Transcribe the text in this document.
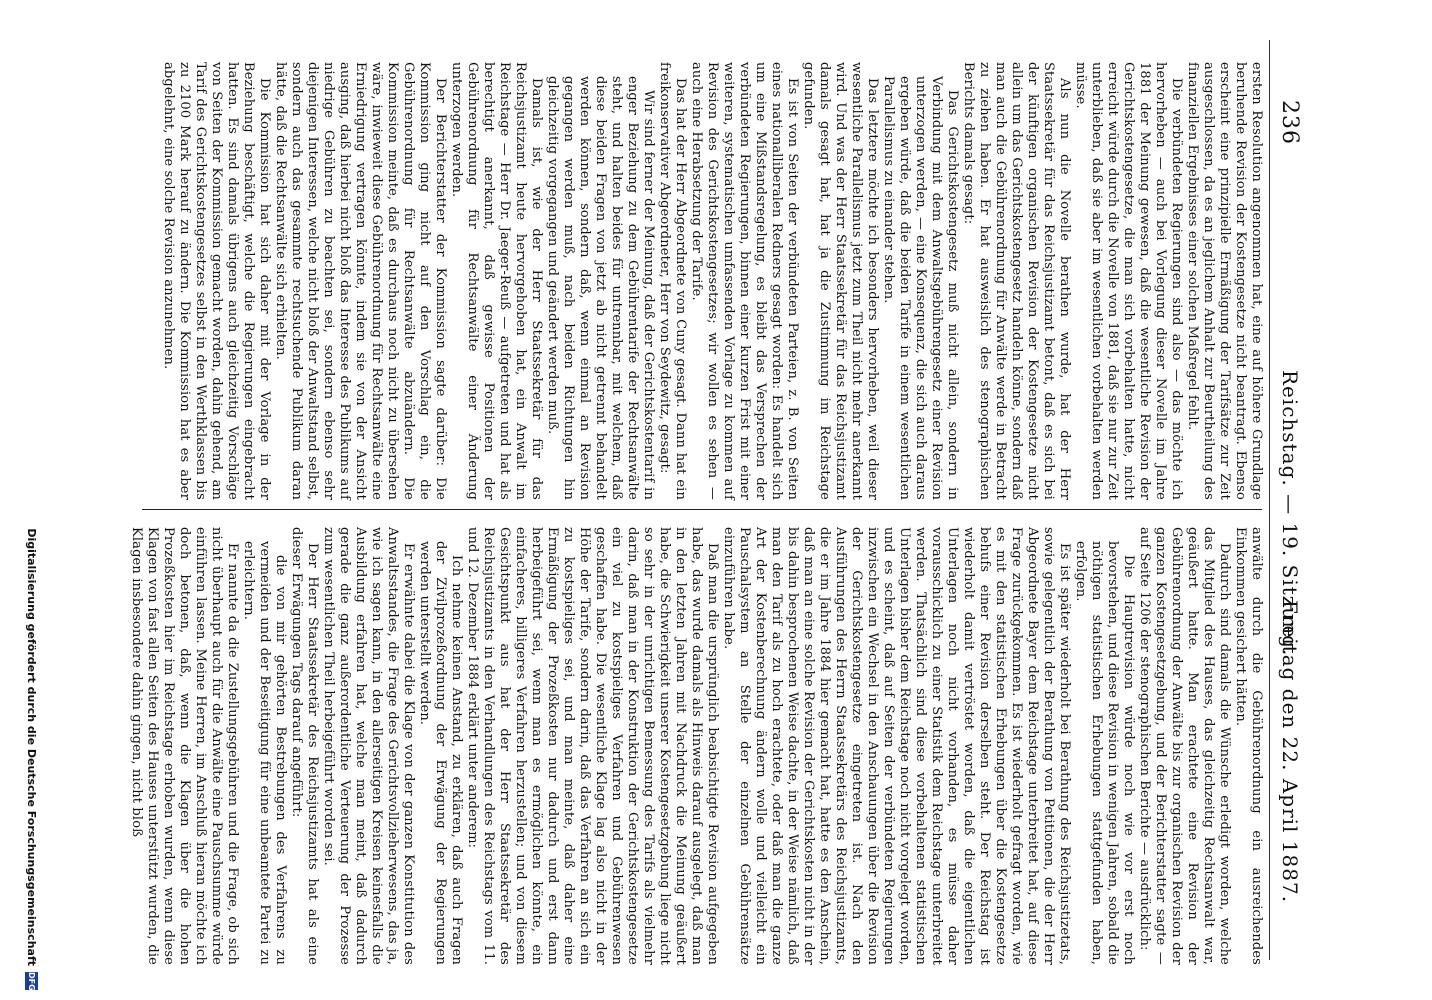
236
Reichstag. — 19. Sitzung.
Freitag den 22. April 1887.

ersten Resolution angenommen hat, eine auf höhere Grundlage beruhende Revision der Kostengesetze nicht beantragt. Ebenso erscheint eine prinzipielle Ermäßigung der Tarifsätze zur Zeit ausgeschlossen, da es an jeglichem Anhalt zur Beurtheilung des finanziellen Ergebnisses einer solchen Maßregel fehlt.

Die verbündeten Regierungen sind also — das möchte ich hervorheben — auch bei Vorlegung dieser Novelle im Jahre 1881 der Meinung gewesen, daß die wesentliche Revision der Gerichtskostengesetze, die man sich vorbehalten hatte, nicht erreicht würde durch die Novelle von 1881, daß sie nur zur Zeit unterblieben, daß sie aber im wesentlichen vorbehalten werden müsse.

Als nun die Novelle berathen wurde, hat der Herr Staatssekretär für das Reichsjustizamt betont, daß es sich bei der künftigen organischen Revision der Kostengesetze nicht allein um das Gerichtskostengesetz handeln könne, sondern daß man auch die Gebührenordnung für Anwälte werde in Betracht zu ziehen haben. Er hat ausweislich des stenographischen Berichts damals gesagt:

Das Gerichtskostengesetz muß nicht allein, sondern in Verbindung mit dem Anwaltsgebührengesetz einer Revision unterzogen werden, — eine Konsequenz, die sich auch daraus ergeben würde, daß die beiden Tarife in einem wesentlichen Parallelismus zu einander stehen.

Das letztere möchte ich besonders hervorheben, weil dieser wesentliche Parallelismus jetzt zum Theil nicht mehr anerkannt wird. Und was der Herr Staatssekretär für das Reichsjustizamt damals gesagt hat, hat ja die Zustimmung im Reichstage gefunden.

Es ist von Seiten der verbündeten Parteien, z. B. von Seiten eines nationalliberalen Redners gesagt worden: Es handelt sich um eine Mißstandsregelung, es bleibt das Versprechen der verbündeten Regierungen, binnen einer kurzen Frist mit einer weiteren, systematischen umfassenden Vorlage zu kommen auf Revision des Gerichtskostengesetzes; wir wollen es sehen — auch eine Herabsetzung der Tarife.

Das hat der Herr Abgeordnete von Cuny gesagt. Dann hat ein freikonservativer Abgeordneter, Herr von Seydewitz, gesagt:

Wir sind ferner der Meinung, daß der Gerichtskostentarif in enger Beziehung zu dem Gebührentarife der Rechtsanwälte steht, und halten beides für untrennbar, mit welchem, daß diese beiden Fragen von jetzt ab nicht getrennt behandelt werden können, sondern daß, wenn einmal an Revision gegangen werden muß, nach beiden Richtungen hin gleichzeitig vorgegangen und geändert werden muß.

Damals ist, wie der Herr Staatssekretär für das Reichsjustizamt heute hervorgehoben hat, ein Anwalt im Reichstage — Herr Dr. Jaeger-Reuß — aufgetreten und hat als berechtigt anerkannt, daß gewisse Positionen der Gebührenordnung für Rechtsanwälte einer Änderung unterzogen werden.

Der Berichterstatter der Kommission sagte darüber: Die Kommission ging nicht auf den Vorschlag ein, die Gebührenordnung für Rechtsanwälte abzuändern. Die Kommission meinte, daß es durchaus noch nicht zu übersehen wäre, inwieweit diese Gebührenordnung für Rechtsanwälte eine Erniedrigung vertragen könnte, indem sie von der Ansicht ausging, daß hierbei nicht bloß das Interesse des Publikums auf niedrige Gebühren zu beachten sei, sondern ebenso sehr diejenigen Interessen, welche nicht bloß der Anwaltstand selbst, sondern auch das gesammte rechtsuchende Publikum daran hätte, daß die Rechtsanwälte sich erhielten.

Die Kommission hat sich daher mit der Vorlage in der Beziehung beschäftigt, welche die Regierungen eingebracht hatten. Es sind damals übrigens auch gleichzeitig Vorschläge von Seiten der Kommission gemacht worden, dahin gehend, am Tarif des Gerichtskostengesetzes selbst in den Werthklassen bis zu 2100 Mark herauf zu ändern. Die Kommission hat es aber abgelehnt, eine solche Revision anzunehmen.

anwälte durch die Gebührenordnung ein ausreichendes Einkommen gesichert hätten.

Dadurch sind damals die Wünsche erledigt worden, welche das Mitglied des Hauses, das gleichzeitig Rechtsanwalt war, geäußert hatte. Man erachtete eine Revision der Gebührenordnung der Anwälte bis zur organischen Revision der ganzen Kostengesetzgebung, und der Berichterstatter sagte — auf Seite 1206 der stenographischen Berichte — ausdrücklich:

Die Hauptrevision würde noch wie vor erst noch bevorstehen, und diese Revision in wenigen Jahren, sobald die nöthigen statistischen Erhebungen stattgefunden haben, erfolgen.

Es ist später wiederholt bei Berathung des Reichsjustizetats, sowie gelegentlich der Berathung von Petitionen, die der Herr Abgeordnete Bayer dem Reichstage unterbreitet hat, auf diese Frage zurückgekommen. Es ist wiederholt gefragt worden, wie es mit den statistischen Erhebungen über die Kostengesetze behufs einer Revision derselben steht. Der Reichstag ist wiederholt damit vertröstet worden, daß die eigentlichen Unterlagen noch nicht vorhanden, es müsse daher vorausschicklich zu einer Statistik dem Reichstage unterbreitet werden. Thatsächlich sind diese vorbehaltenen statistischen Unterlagen bisher dem Reichstage noch nicht vorgelegt worden, und es scheint, daß auf Seiten der verbündeten Regierungen inzwischen ein Wechsel in den Anschauungen über die Revision der Gerichtskostengesetze eingetreten ist. Nach den Ausführungen des Herrn Staatssekretärs des Reichsjustizamts, die er im Jahre 1884 hier gemacht hat, hatte es den Anschein, daß man an eine solche Revision der Gerichtskosten nicht in der bis dahin besprochenen Weise dachte, in der Weise nämlich, daß man den Tarif als zu hoch erachtete, oder daß man die ganze Art der Kostenberechnung ändern wolle und vielleicht ein Pauschalsystem an Stelle der einzelnen Gebührensätze einzuführen habe.

Daß man die ursprünglich beabsichtigte Revision aufgegeben habe, das wurde damals als Hinweis darauf ausgelegt, daß man in den letzten Jahren mit Nachdruck die Meinung geäußert habe, die Schwierigkeit unserer Kostengesetzgebung liege nicht so sehr in der unrichtigen Bemessung des Tarifs als vielmehr darin, daß man in der Konstruktion der Gerichtskostengesetze ein viel zu kostspieliges Verfahren und Gebührenwesen geschaffen habe. Die wesentliche Klage lag also nicht in der Höhe der Tarife, sondern darin, daß das Verfahren an sich ein zu kostspieliges sei, und man meinte, daß daher eine Ermäßigung der Prozeßkosten nur dadurch und erst dann herbeigeführt sei, wenn man es ermöglichen könnte, ein einfacheres, billigeres Verfahren herzustellen; und von diesem Gesichtspunkt aus hat der Herr Staatssekretär des Reichsjustizamts in den Verhandlungen des Reichstags vom 11. und 12. Dezember 1884 erklärt unter anderem:

Ich nehme keinen Anstand, zu erklären, daß auch Fragen der Zivilprozeßordnung der Erwägung der Regierungen werden unterstellt werden.

Er erwähnte dabei die Klage von der ganzen Konstitution des Anwaltsstandes, die Frage des Gerichtsvollzieherwesens, das ja, wie ich sagen kann, in den allerseitigen Kreisen keinesfalls die Ausbildung erfahren hat, welche man meint, daß dadurch gerade die ganz außerordentliche Verteuerung der Prozesse zum wesentlichen Theil herbeigeführt worden sei.

Der Herr Staatssekretär des Reichsjustizamts hat als eine dieser Erwägungen Tags darauf angeführt:

die von mir gehörten Bestrebungen des Verfahrens zu vermeiden und der Beseitigung für eine unbeamtete Partei zu erleichtern.

Er nannte da die Zustellungsgebühren und die Frage, ob sich nicht überhaupt auch für die Anwälte eine Pauschsumme würde einführen lassen. Meine Herren, im Anschluß hieran möchte ich doch betonen, daß, wenn die Klagen über die hohen Prozeßkosten hier im Reichstage erhoben wurden, wenn diese Klagen von fast allen Seiten des Hauses unterstützt wurden, die Klagen insbesondere dahin gingen, nicht bloß

Digitalisierung gefördert durch die Deutsche Forschungsgemeinschaft
DFG
